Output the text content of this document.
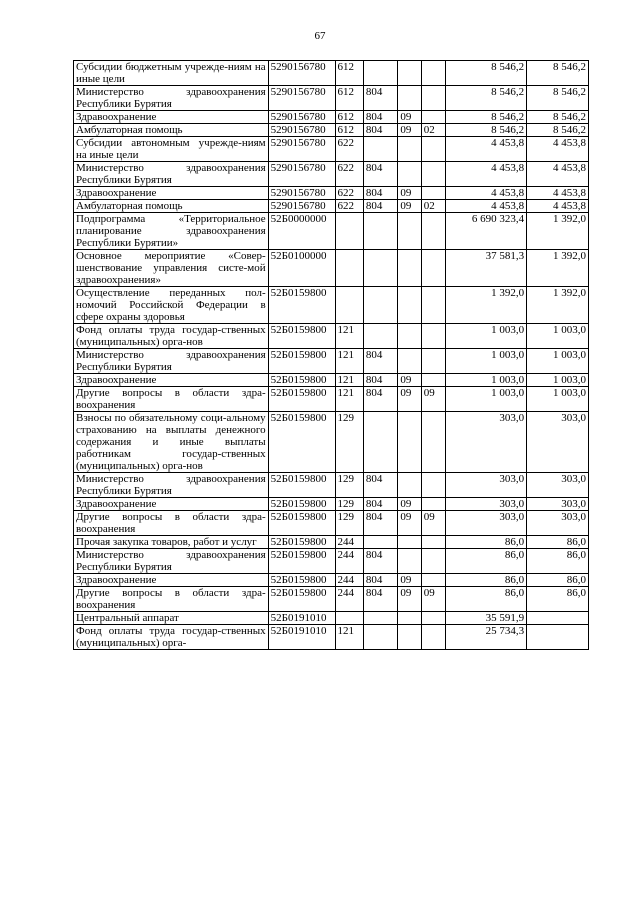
67
Субсидии бюджетным учрежде-ниям на иные цели	5290156780	612				8 546,2	8 546,2
Министерство здравоохранения Республики Бурятия	5290156780	612	804			8 546,2	8 546,2
Здравоохранение	5290156780	612	804	09		8 546,2	8 546,2
Амбулаторная помощь	5290156780	612	804	09	02	8 546,2	8 546,2
Субсидии автономным учрежде-ниям на иные цели	5290156780	622				4 453,8	4 453,8
Министерство здравоохранения Республики Бурятия	5290156780	622	804			4 453,8	4 453,8
Здравоохранение	5290156780	622	804	09		4 453,8	4 453,8
Амбулаторная помощь	5290156780	622	804	09	02	4 453,8	4 453,8
Подпрограмма «Территориальное планирование здравоохранения Республики Бурятии»	52Б0000000					6 690 323,4	1 392,0
Основное мероприятие «Совер-шенствование управления систе-мой здравоохранения»	52Б0100000					37 581,3	1 392,0
Осуществление переданных пол-номочий Российской Федерации в сфере охраны здоровья	52Б0159800					1 392,0	1 392,0
Фонд оплаты труда государ-ственных (муниципальных) орга-нов	52Б0159800	121				1 003,0	1 003,0
Министерство здравоохранения Республики Бурятия	52Б0159800	121	804			1 003,0	1 003,0
Здравоохранение	52Б0159800	121	804	09		1 003,0	1 003,0
Другие вопросы в области здра-воохранения	52Б0159800	121	804	09	09	1 003,0	1 003,0
Взносы по обязательному соци-альному страхованию на выплаты денежного содержания и иные выплаты работникам государ-ственных (муниципальных) орга-нов	52Б0159800	129				303,0	303,0
Министерство здравоохранения Республики Бурятия	52Б0159800	129	804			303,0	303,0
Здравоохранение	52Б0159800	129	804	09		303,0	303,0
Другие вопросы в области здра-воохранения	52Б0159800	129	804	09	09	303,0	303,0
Прочая закупка товаров, работ и услуг	52Б0159800	244				86,0	86,0
Министерство здравоохранения Республики Бурятия	52Б0159800	244	804			86,0	86,0
Здравоохранение	52Б0159800	244	804	09		86,0	86,0
Другие вопросы в области здра-воохранения	52Б0159800	244	804	09	09	86,0	86,0
Центральный аппарат	52Б0191010					35 591,9	
Фонд оплаты труда государ-ственных (муниципальных) орга-	52Б0191010	121				25 734,3	
